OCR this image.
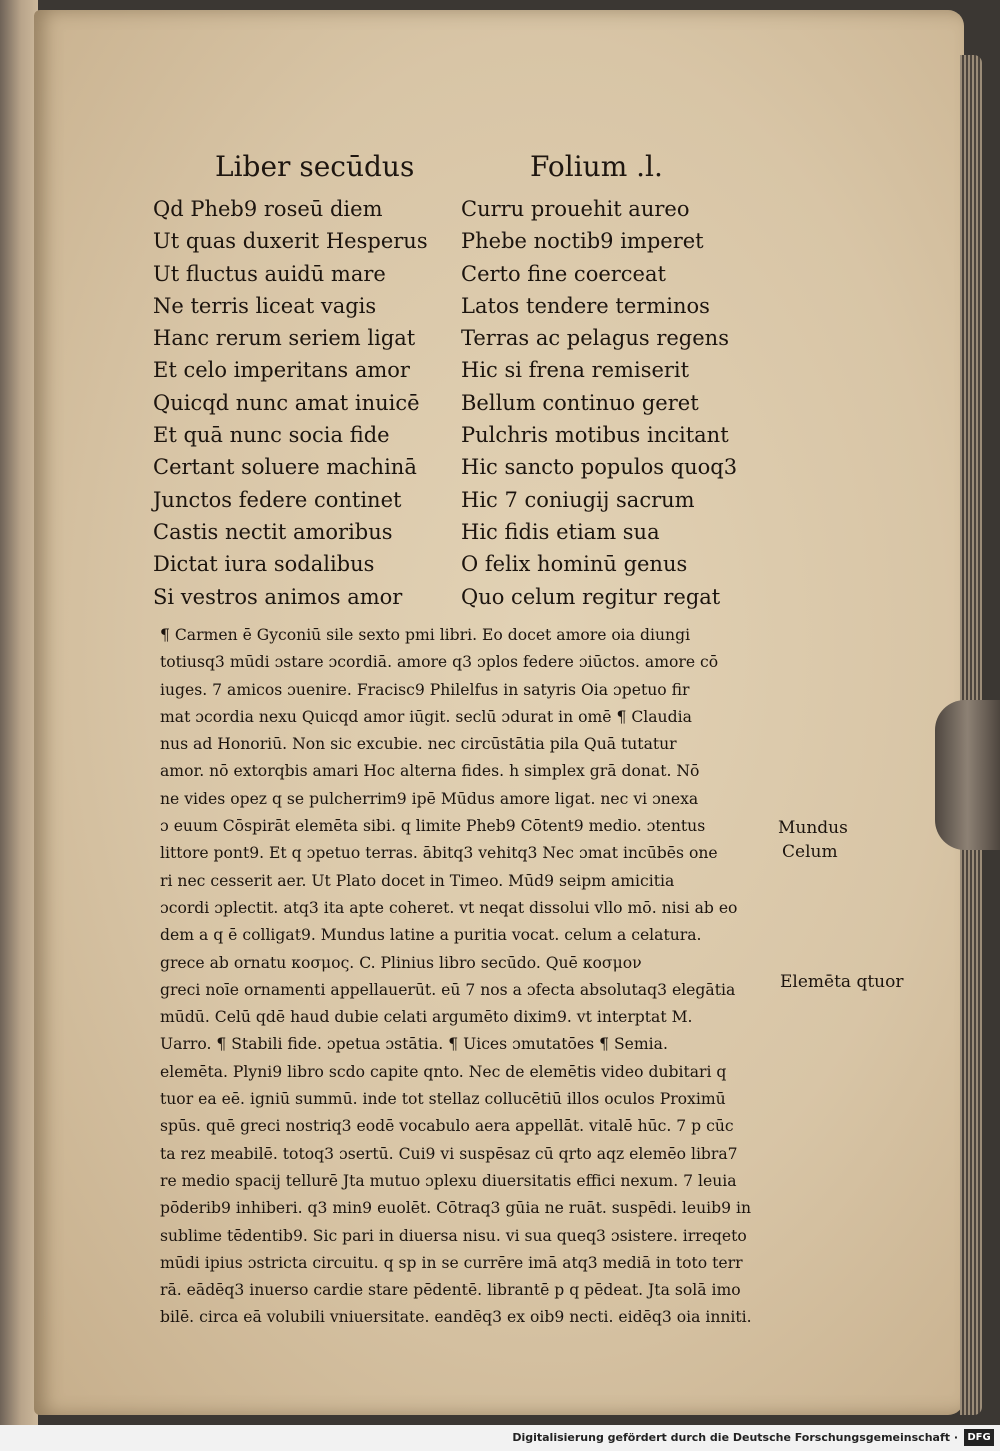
Liber secūdus	Folium .l.
Qd Pheb9 roseū diem
Ut quas duxerit Hesperus
Ut fluctus auidū mare
Ne terris liceat vagis
Hanc rerum seriem ligat
Et celo imperitans amor
Quicqd nunc amat inuicē
Et quā nunc socia fide
Certant soluere machinā
Junctos federe continet
Castis nectit amoribus
Dictat iura sodalibus
Si vestros animos amor
Curru prouehit aureo
Phebe noctib9 imperet
Certo fine coerceat
Latos tendere terminos
Terras ac pelagus regens
Hic si frena remiserit
Bellum continuo geret
Pulchris motibus incitant
Hic sancto populos quoq3
Hic 7 coniugij sacrum
Hic fidis etiam sua
O felix hominū genus
Quo celum regitur regat
¶ Carmen ē Gyconiū sile sexto pmi libri. Eo docet amore oia diungi
totiusq3 mūdi ɔstare ɔcordiā. amore q3 ɔplos federe ɔiūctos. amore cō
iuges. 7 amicos ɔuenire. Fracisc9 Philelfus in satyris Oia ɔpetuo fir
mat ɔcordia nexu Quicqd amor iūgit. seclū ɔdurat in omē ¶ Claudia
nus ad Honoriū. Non sic excubie. nec circūstātia pila Quā tutatur
amor. nō extorqbis amari Hoc alterna fides. h simplex grā donat. Nō
ne vides opez q se pulcherrim9 ipē Mūdus amore ligat. nec vi ɔnexa
ɔ euum Cōspirāt elemēta sibi. q limite Pheb9 Cōtent9 medio. ɔtentus
littore pont9. Et q ɔpetuo terras. ābitq3 vehitq3 Nec ɔmat incūbēs one
ri nec cesserit aer. Ut Plato docet in Timeo. Mūd9 seipm amicitia
ɔcordi ɔplectit. atq3 ita apte coheret. vt neqat dissolui vllo mō. nisi ab eo
dem a q ē colligat9. Mundus latine a puritia vocat. celum a celatura.
grece ab ornatu κοσμος. C. Plinius libro secūdo. Quē κοσμον
greci noīe ornamenti appellauerūt. eū 7 nos a ɔfecta absolutaq3 elegātia
mūdū. Celū qdē haud dubie celati argumēto dixim9. vt interptat M.
Uarro. ¶ Stabili fide. ɔpetua ɔstātia. ¶ Uices ɔmutatōes ¶ Semia.
elemēta. Plyni9 libro scdo capite qnto. Nec de elemētis video dubitari q
tuor ea eē. igniū summū. inde tot stellaz collucētiū illos oculos Proximū
spūs. quē greci nostriq3 eodē vocabulo aera appellāt. vitalē hūc. 7 p cūc
ta rez meabilē. totoq3 ɔsertū. Cui9 vi suspēsaz cū qrto aqz elemēo libra7
re medio spacij tellurē Jta mutuo ɔplexu diuersitatis effici nexum. 7 leuia
pōderib9 inhiberi. q3 min9 euolēt. Cōtraq3 gūia ne ruāt. suspēdi. leuib9 in
sublime tēdentib9. Sic pari in diuersa nisu. vi sua queq3 ɔsistere. irreqeto
mūdi ipius ɔstricta circuitu. q sp in se currēre imā atq3 mediā in toto terr
rā. eādēq3 inuerso cardie stare pēdentē. librantē p q pēdeat. Jta solā imo
bilē. circa eā volubili vniuersitate. eandēq3 ex oib9 necti. eidēq3 oia inniti.
Mundus
Celum
Elemēta qtuor
Digitalisierung gefördert durch die Deutsche Forschungsgemeinschaft · DFG
